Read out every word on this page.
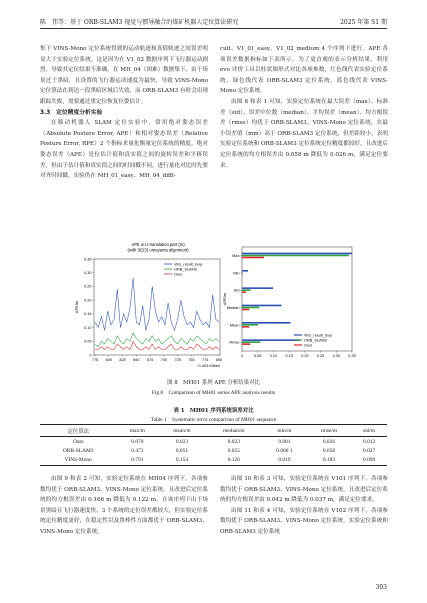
陈　伟等：基于 ORB-SLAM3 视觉与惯导融合的煤矿机器人定位算法研究	2025 年第 S1 期

集下 VINS-Mono 定位系统得到的运动轨迹和真值轨迹之间误差明显大于实验定位系统。这是因为在 V1_02 数据序列下飞行器运动剧烈，导致其定位结果不准确。在 MH_04（困难）数据集下，由于场景过于黑暗，且设置的飞行器运动速度为最快，导致 VINS-Mono 定位算法在到达一段黑暗区域后失效，而 ORB-SLAM3 有时会出现跟踪失败，需要通过重定位恢复位姿估计。

3.3　定位精度分析实验

在移动机器人 SLAM 定位实验中，常用绝对姿态误差（Absolute Posture Error, APE）和相对姿态误差（Relative Posture Error, RPE）2 个指标来量化衡量定位系统的精度。绝对姿态误差（APE）是位估计值和真实值之间的旋转误差和平移误差，但由于估计值和真实值之间的时间戳不同，进行量化对比时先要对齐时间戳。实验仍在 MH_01_easy、MH_04_diffi-

cult、V1_01_easy、V1_02_medium 4 个序列下进行。APE 各项误差数据指标如下表所示。为了更直观的表示分析结果，利用 evo 评价工具以柱状图形式对比各项参数，红色线代表实验定位系统，绿色线代表 ORB-SLAM3 定位系统，蓝色线代表 VINS-Mono 定位系统。

由图 8 和表 1 可知，实验定位系统在最大误差（max）、标准差（std）、误差中位数（median）、平均误差（mean）、均方根误差（rmse）均优于 ORB-SLAM3、VINS-Mono 定位系统，在最小误差值（mm）高于 ORB-SLAM3 定位系统，但差距较小，表明实验定位系统和 ORB-SLAM3 定位系统定位精度都较好，且改进后定位系统的均方根误差由 0.058 m 降低为 0.026 m，满足定位要求。

APE w.r.t translation part (m)
(with SE(3) umeyama alignment)
0.35
0.30
0.25
0.20
0.15
0.10
0.05
0
APE/m
775 600 825 650 675 700 725 750 775 800
+1.403 636e9
Vins_result_loop
ORB_SLAM3
Ours
APE/m
0	0.05 0.10 0.15 0.20 0.25 0.30 0.35
Max
Min
Std
Median
Mean
Rmse
Vins_result_loop
ORB_SLAM3
Ours
图 8　MH01 系列 APE 分析结果对比
Fig.8　Comparison of MH01 series APE analysis results
表 1　MH01 序列系统误差对比
Table 1　Systematic error comparison of MH01 sequence
定位算法	max/m	mean/m	median/m	min/m	rmse/m	std/m
Ours	0.070	0.023	0.023	0.001	0.026	0.012
ORB-SLAM3	0.473	0.051	0.055	0.000 1	0.058	0.027
VINS-Mono	0.791	0.154	0.126	0.019	0.183	0.099

由图 9 和表 2 可知，实验定位系统在 MH04 序列下，各项参数均优于 ORB-SLAM3、VINS-Mono 定位系统，且改进后定位系统的均方根误差由 0.166 m 降低为 0.122 m。在该序列下由于场景黑暗且飞行器速度快，3 个系统的定位误差都较大，但实验定位系统定位精度更好，在稳定性以及鲁棒性方面都优于 ORB-SLAM3、VINS-Mono 定位系统。

由图 10 和表 3 可知，实验定位系统在 V101 序列下，各项参数均优于 ORB-SLAM3、VINS-Mono 定位系统，且改进后定位系统的均方根误差由 0.042 m 降低为 0.037 m，满足定位要求。

由图 11 和表 4 可知，实验定位系统在 V102 序列下，各项参数均优于 ORB-SLAM3、VINS-Mono 定位系统，实验定位系统和 ORB-SLAM3 定位系统

303
